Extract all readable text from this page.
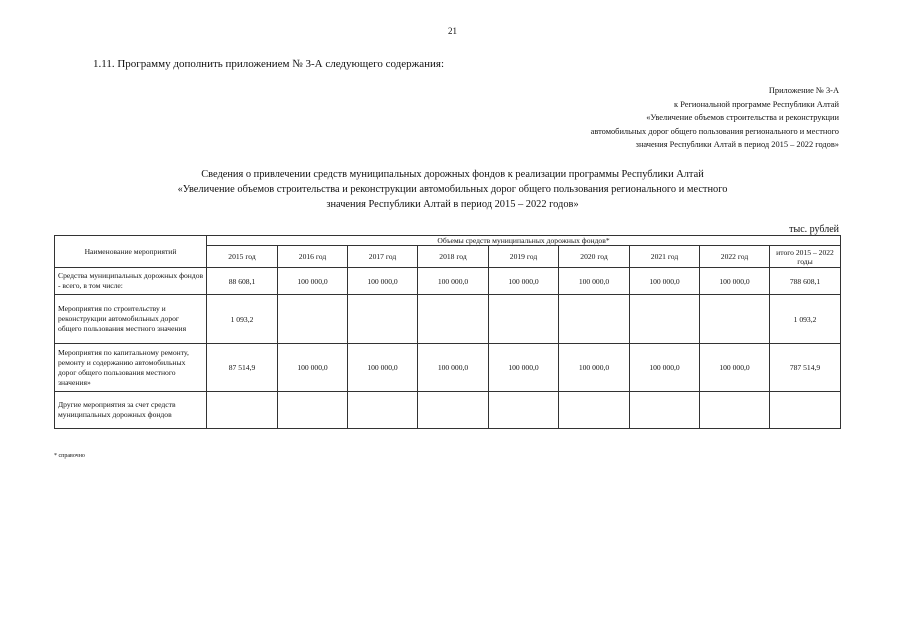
21
1.11. Программу дополнить приложением № 3-А следующего содержания:
Приложение № 3-А
к Региональной программе Республики Алтай
«Увеличение объемов строительства и реконструкции
автомобильных дорог общего пользования регионального и местного
значения Республики Алтай в период 2015 – 2022 годов»
Сведения о привлечении средств муниципальных дорожных фондов к реализации программы Республики Алтай
«Увеличение объемов строительства и реконструкции автомобильных дорог общего пользования регионального и местного
значения Республики Алтай в период 2015 – 2022 годов»
тыс. рублей
Наименование мероприятий	Объемы средств муниципальных дорожных фондов*								
	2015 год	2016 год	2017 год	2018 год	2019 год	2020 год	2021 год	2022 год	итого 2015 – 2022 годы
Средства муниципальных дорожных фондов - всего, в том числе:	88 608,1	100 000,0	100 000,0	100 000,0	100 000,0	100 000,0	100 000,0	100 000,0	788 608,1
Мероприятия по строительству и реконструкции автомобильных дорог общего пользования местного значения	1 093,2								1 093,2
Мероприятия по капитальному ремонту, ремонту и содержанию автомобильных дорог общего пользования местного значения»	87 514,9	100 000,0	100 000,0	100 000,0	100 000,0	100 000,0	100 000,0	100 000,0	787 514,9
Другие мероприятия за счет средств муниципальных дорожных фондов									
* справочно
